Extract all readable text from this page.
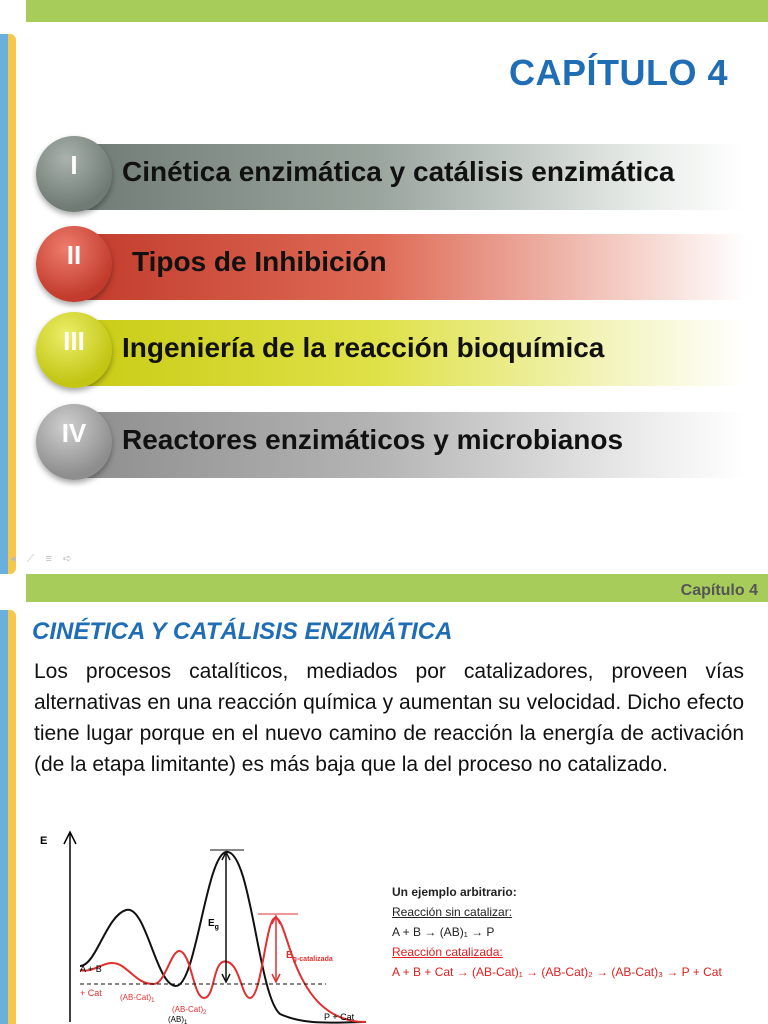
CAPÍTULO 4
I	Cinética enzimática y catálisis enzimática
II	Tipos de Inhibición
III	Ingeniería de la reacción bioquímica
IV	Reactores enzimáticos y microbianos
◂ ⟋ ≡ ➪
Capítulo 4
CINÉTICA Y CATÁLISIS ENZIMÁTICA
Los procesos catalíticos, mediados por catalizadores, proveen vías alternativas en una reacción química y aumentan su velocidad. Dicho efecto tiene lugar porque en el nuevo camino de reacción la energía de activación (de la etapa limitante) es más baja que la del proceso no catalizado.
E
A + B
+ Cat
$E_g$
$E_{g-catalizada}$
$(AB-Cat)_1$
$(AB-Cat)_2$
$(AB)_1$
P + Cat
Un ejemplo arbitrario:
Reacción sin catalizar:
A + B → (AB)₁ → P
Reacción catalizada:
A + B + Cat → (AB-Cat)₁ → (AB-Cat)₂ → (AB-Cat)₃ → P + Cat
